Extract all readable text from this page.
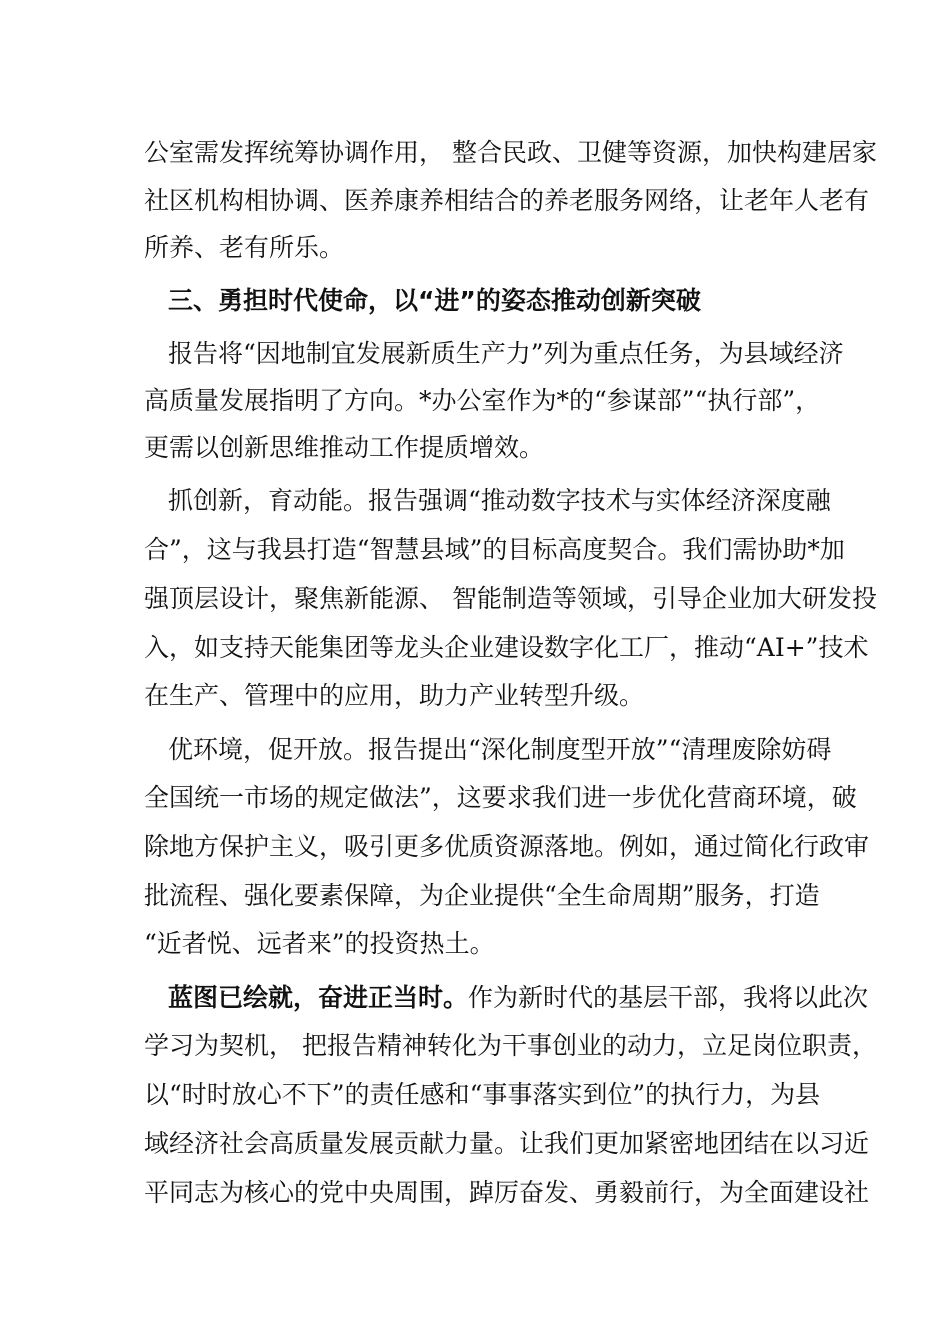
公室需发挥统筹协调作用， 整合民政、卫健等资源，加快构建居家
社区机构相协调、医养康养相结合的养老服务网络，让老年人老有
所养、老有所乐。
三、勇担时代使命，以“进”的姿态推动创新突破
报告将“因地制宜发展新质生产力”列为重点任务，为县域经济
高质量发展指明了方向。*办公室作为*的“参谋部”“执行部”，
更需以创新思维推动工作提质增效。
抓创新，育动能。报告强调“推动数字技术与实体经济深度融
合”，这与我县打造“智慧县域”的目标高度契合。我们需协助*加
强顶层设计，聚焦新能源、 智能制造等领域，引导企业加大研发投
入，如支持天能集团等龙头企业建设数字化工厂，推动“AI+”技术
在生产、管理中的应用，助力产业转型升级。
优环境，促开放。报告提出“深化制度型开放”“清理废除妨碍
全国统一市场的规定做法”，这要求我们进一步优化营商环境，破
除地方保护主义，吸引更多优质资源落地。例如，通过简化行政审
批流程、强化要素保障，为企业提供“全生命周期”服务，打造
“近者悦、远者来”的投资热土。
蓝图已绘就，奋进正当时。作为新时代的基层干部，我将以此次
学习为契机， 把报告精神转化为干事创业的动力，立足岗位职责，
以“时时放心不下”的责任感和“事事落实到位”的执行力，为县
域经济社会高质量发展贡献力量。让我们更加紧密地团结在以习近
平同志为核心的党中央周围，踔厉奋发、勇毅前行，为全面建设社
